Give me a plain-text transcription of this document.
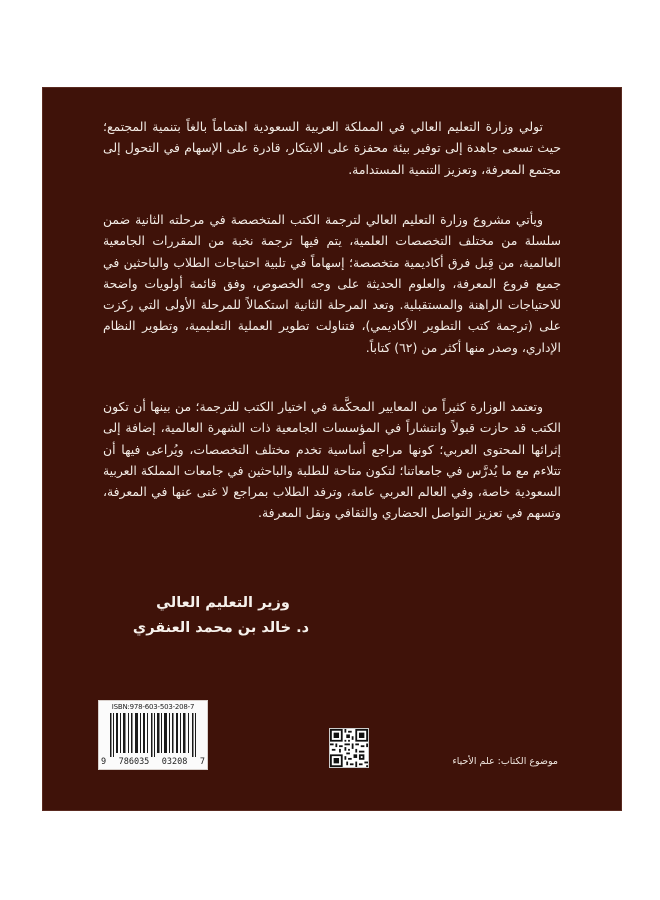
تولي وزارة التعليم العالي في المملكة العربية السعودية اهتماماً بالغاً بتنمية المجتمع؛ حيث تسعى جاهدة إلى توفير بيئة محفزة على الابتكار، قادرة على الإسهام في التحول إلى مجتمع المعرفة، وتعزيز التنمية المستدامة.

ويأتي مشروع وزارة التعليم العالي لترجمة الكتب المتخصصة في مرحلته الثانية ضمن سلسلة من مختلف التخصصات العلمية، يتم فيها ترجمة نخبة من المقررات الجامعية العالمية، من قِبل فرق أكاديمية متخصصة؛ إسهاماً في تلبية احتياجات الطلاب والباحثين في جميع فروع المعرفة، والعلوم الحديثة على وجه الخصوص، وفق قائمة أولويات واضحة للاحتياجات الراهنة والمستقبلية. وتعد المرحلة الثانية استكمالاً للمرحلة الأولى التي ركزت على (ترجمة كتب التطوير الأكاديمي)، فتناولت تطوير العملية التعليمية، وتطوير النظام الإداري، وصدر منها أكثر من (٦٢) كتاباً.

وتعتمد الوزارة كثيراً من المعايير المحكَّمة في اختيار الكتب للترجمة؛ من بينها أن تكون الكتب قد حازت قبولاً وانتشاراً في المؤسسات الجامعية ذات الشهرة العالمية، إضافة إلى إثرائها المحتوى العربي؛ كونها مراجع أساسية تخدم مختلف التخصصات، ويُراعى فيها أن تتلاءم مع ما يُدرَّس في جامعاتنا؛ لتكون متاحة للطلبة والباحثين في جامعات المملكة العربية السعودية خاصة، وفي العالم العربي عامة، وترفد الطلاب بمراجع لا غنى عنها في المعرفة، وتسهم في تعزيز التواصل الحضاري والثقافي ونقل المعرفة.

وزير التعليم العالي
د. خالد بن محمد العنقري
ISBN:978-603-503-208-7
9 786035 03208 7	موضوع الكتاب: علم الأحياء
